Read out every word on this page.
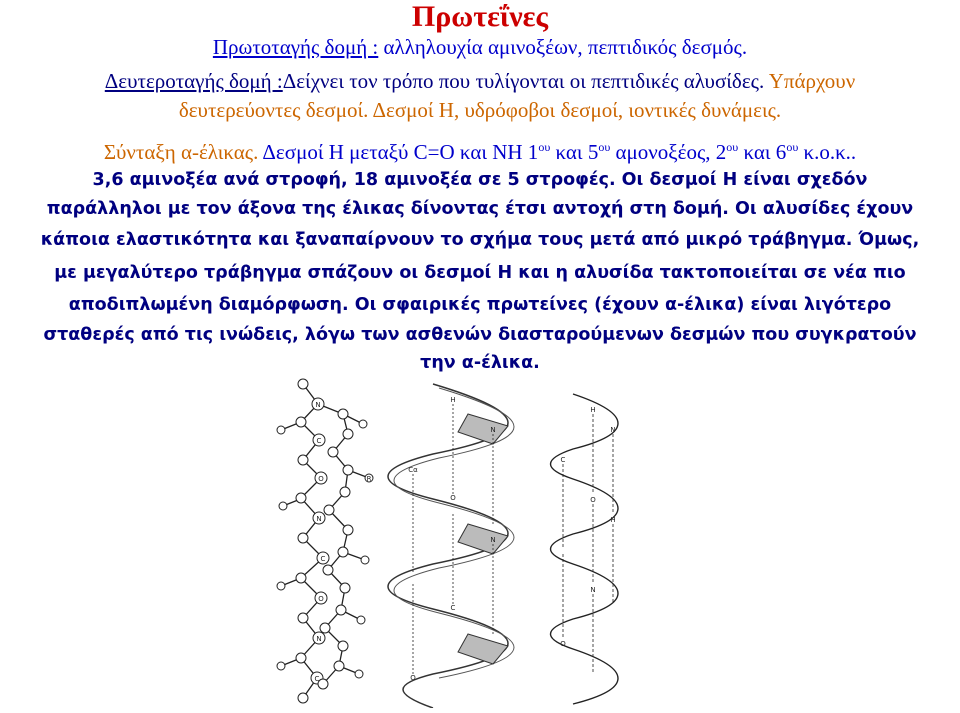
Πρωτεΐνες
Πρωτοταγής δομή : αλληλουχία αμινοξέων, πεπτιδικός δεσμός.
Δευτεροταγής δομή :Δείχνει τον τρόπο που τυλίγονται οι πεπτιδικές αλυσίδες. Υπάρχουν
δευτερεύοντες δεσμοί. Δεσμοί H, υδρόφοβοι δεσμοί, ιοντικές δυνάμεις.
Σύνταξη α-έλικας. Δεσμοί H μεταξύ C=O και NH $1^{o\upsilon}$ και $5^{o\upsilon}$ αμονοξέος, $2^{o\upsilon}$ και $6^{o\upsilon}$ κ.ο.κ..
3,6 αμινοξέα ανά στροφή, 18 αμινοξέα σε 5 στροφές. Οι δεσμοί H είναι σχεδόν
παράλληλοι με τον άξονα της έλικας δίνοντας έτσι αντοχή στη δομή. Οι αλυσίδες έχουν
κάποια ελαστικότητα και ξαναπαίρνουν το σχήμα τους μετά από μικρό τράβηγμα. Όμως,
με μεγαλύτερο τράβηγμα σπάζουν οι δεσμοί H και η αλυσίδα τακτοποιείται σε νέα πιο
αποδιπλωμένη διαμόρφωση. Οι σφαιρικές πρωτείνες (έχουν α-έλικα) είναι λιγότερο
σταθερές από τις ινώδεις, λόγω των ασθενών διασταρούμενων δεσμών που συγκρατούν
την α-έλικα.
N
C
O
N
C
O
N
C
R
H
O
N
Cα
N
C
O
H
N
O
C
H
N
O
